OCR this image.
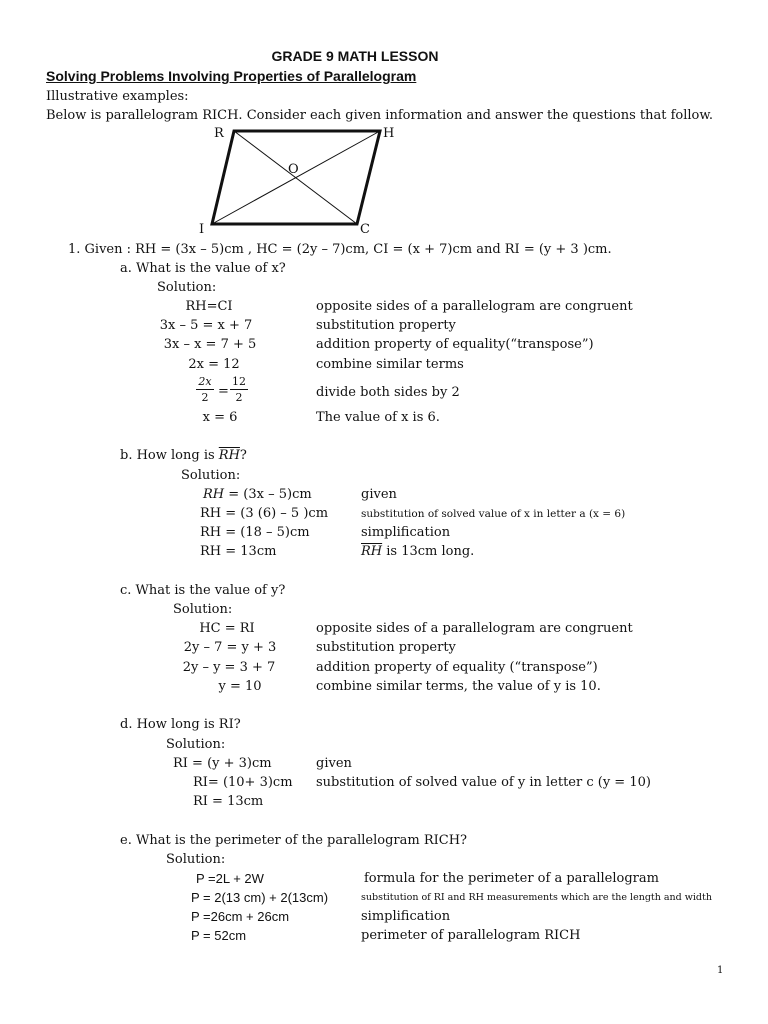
GRADE 9 MATH LESSON
Solving Problems Involving Properties of Parallelogram
Illustrative examples:
Below is parallelogram RICH. Consider each given information and answer the questions that follow.
R	H
I	C
O
1. Given : RH = (3x – 5)cm , HC = (2y – 7)cm, CI = (x + 7)cm and RI = (y + 3 )cm.
a. What is the value of x?
Solution:
RH=CI	opposite sides of a parallelogram are congruent
3x – 5 = x + 7	substitution property
3x – x = 7 + 5	addition property of equality(“transpose”)
2x = 12	combine similar terms
2x
2 =
12
2	divide both sides by 2
x = 6	The value of x is 6.
b. How long is $\overline{RH}$?
Solution:
RH = (3x – 5)cm	given
RH = (3 (6) – 5 )cm	substitution of solved value of x in letter a (x = 6)
RH = (18 – 5)cm	simplification
RH = 13cm	$\overline{RH}$ is 13cm long.
c. What is the value of y?
Solution:
HC = RI	opposite sides of a parallelogram are congruent
2y – 7 = y + 3	substitution property
2y – y = 3 + 7	addition property of equality (“transpose”)
y = 10	combine similar terms, the value of y is 10.
d. How long is RI?
Solution:
RI = (y + 3)cm	given
RI= (10+ 3)cm substitution of solved value of y in letter c (y = 10)
RI = 13cm
e. What is the perimeter of the parallelogram RICH?
Solution:
P =2L + 2W	formula for the perimeter of a parallelogram
P = 2(13 cm) + 2(13cm)	substitution of RI and RH measurements which are the length and width
P =26cm + 26cm	simplification
P = 52cm	perimeter of parallelogram RICH
1
